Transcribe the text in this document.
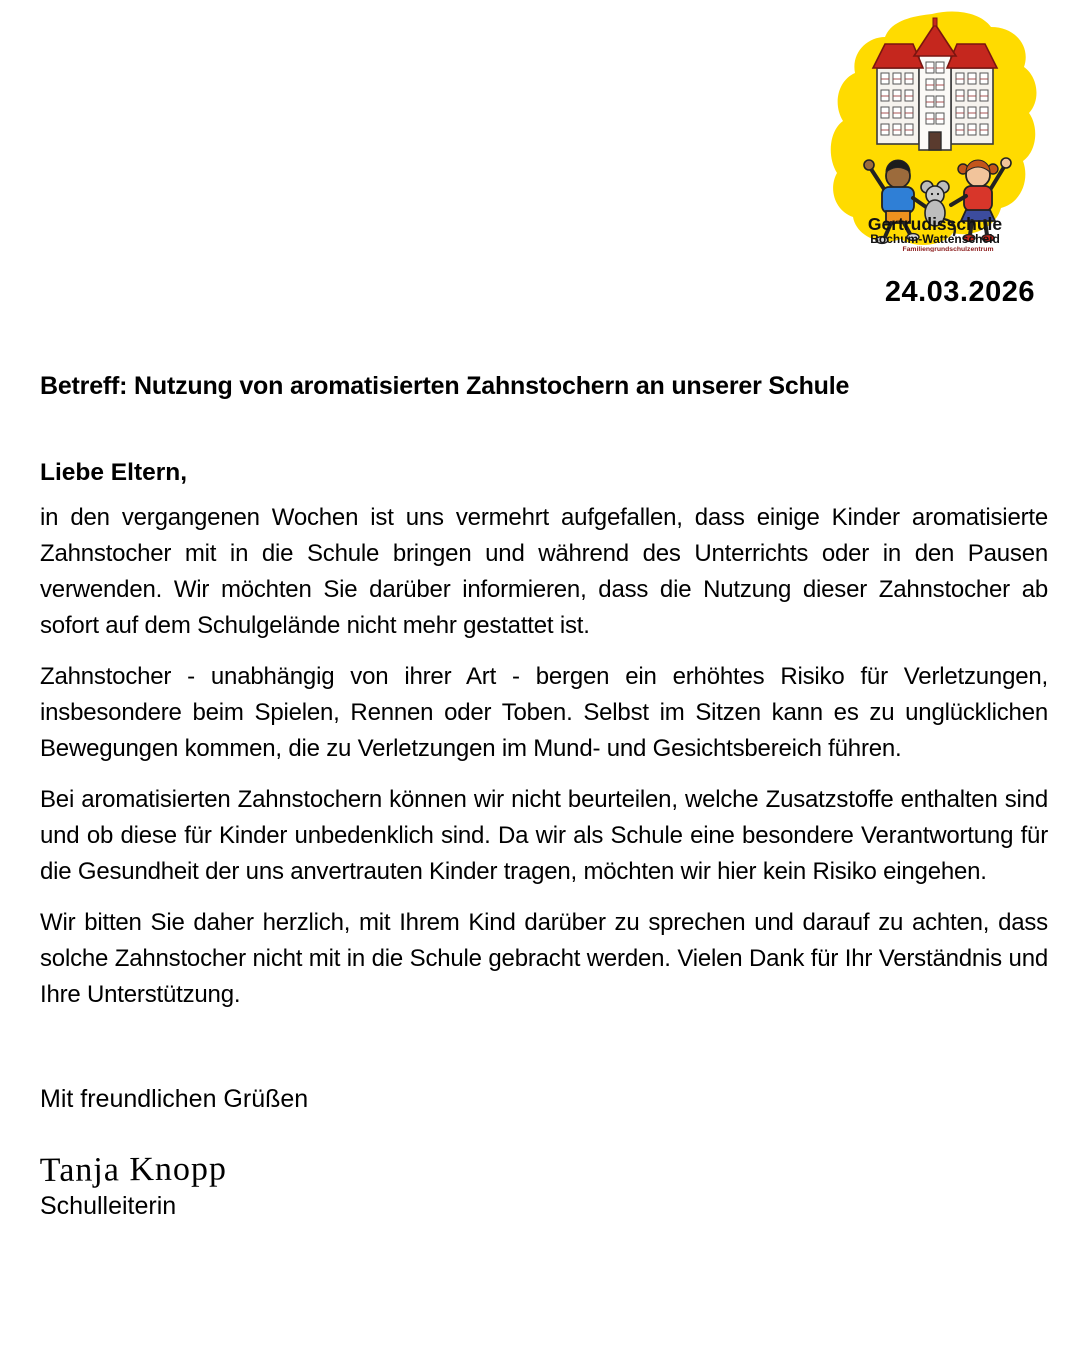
Gertrudisschule
Bochum-Wattenscheid
Familiengrundschulzentrum
24.03.2026

Betreff: Nutzung von aromatisierten Zahnstochern an unserer Schule

Liebe Eltern,

in den vergangenen Wochen ist uns vermehrt aufgefallen, dass einige Kinder aromatisierte Zahnstocher mit in die Schule bringen und während des Unterrichts oder in den Pausen verwenden. Wir möchten Sie darüber informieren, dass die Nutzung dieser Zahnstocher ab sofort auf dem Schulgelände nicht mehr gestattet ist.

Zahnstocher - unabhängig von ihrer Art - bergen ein erhöhtes Risiko für Verletzungen, insbesondere beim Spielen, Rennen oder Toben. Selbst im Sitzen kann es zu unglücklichen Bewegungen kommen, die zu Verletzungen im Mund- und Gesichtsbereich führen.

Bei aromatisierten Zahnstochern können wir nicht beurteilen, welche Zusatzstoffe enthalten sind und ob diese für Kinder unbedenklich sind. Da wir als Schule eine besondere Verantwortung für die Gesundheit der uns anvertrauten Kinder tragen, möchten wir hier kein Risiko eingehen.

Wir bitten Sie daher herzlich, mit Ihrem Kind darüber zu sprechen und darauf zu achten, dass solche Zahnstocher nicht mit in die Schule gebracht werden. Vielen Dank für Ihr Verständnis und Ihre Unterstützung.

Mit freundlichen Grüßen

Tanja Knopp

Schulleiterin
